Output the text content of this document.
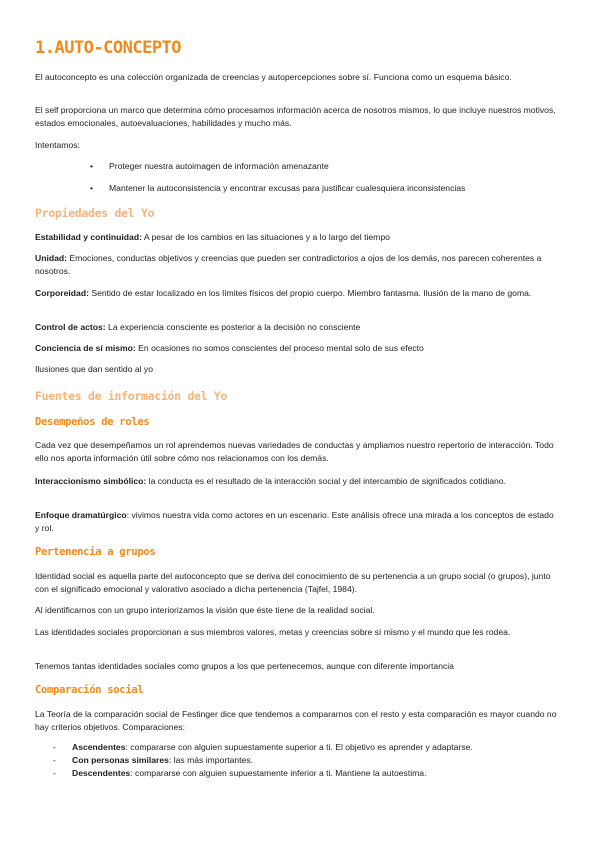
1.AUTO-CONCEPTO

El autoconcepto es una colección organizada de creencias y autopercepciones sobre sí. Funciona como un esquema básico.

El self proporciona un marco que determina cómo procesamos información acerca de nosotros mismos, lo que incluye nuestros motivos, estados emocionales, autoevaluaciones, habilidades y mucho más.

Intentamos:

• Proteger nuestra autoimagen de información amenazante
• Mantener la autoconsistencia y encontrar excusas para justificar cualesquiera inconsistencias
Propiedades del Yo

Estabilidad y continuidad: A pesar de los cambios en las situaciones y a lo largo del tiempo

Unidad: Emociones, conductas objetivos y creencias que pueden ser contradictorios a ojos de los demás, nos parecen coherentes a nosotros.

Corporeidad: Sentido de estar localizado en los límites físicos del propio cuerpo. Miembro fantasma. Ilusión de la mano de goma.

Control de actos: La experiencia consciente es posterior a la decisión no consciente

Conciencia de sí mismo: En ocasiones no somos conscientes del proceso mental solo de sus efecto

Ilusiones que dan sentido al yo

Fuentes de información del Yo
Desempeños de roles

Cada vez que desempeñamos un rol aprendemos nuevas variedades de conductas y ampliamos nuestro repertorio de interacción. Todo ello nos aporta información útil sobre cómo nos relacionamos con los demás.

Interaccionismo simbólico: la conducta es el resultado de la interacción social y del intercambio de significados cotidiano.

Enfoque dramatúrgico: vivimos nuestra vida como actores en un escenario. Este análisis ofrece una mirada a los conceptos de estado y rol.

Pertenencia a grupos

Identidad social es aquella parte del autoconcepto que se deriva del conocimiento de su pertenencia a un grupo social (o grupos), junto con el significado emocional y valorativo asociado a dicha pertenencia (Tajfel, 1984).

Al identificarnos con un grupo interiorizamos la visión que éste tiene de la realidad social.

Las identidades sociales proporcionan a sus miembros valores, metas y creencias sobre sí mismo y el mundo que les rodea.

Tenemos tantas identidades sociales como grupos a los que pertenecemos, aunque con diferente importancia

Comparación social

La Teoría de la comparación social de Festinger dice que tendemos a compararnos con el resto y esta comparación es mayor cuando no hay criterios objetivos. Comparaciones:

- Ascendentes: compararse con alguien supuestamente superior a ti. El objetivo es aprender y adaptarse.
- Con personas similares: las más importantes.
- Descendentes: compararse con alguien supuestamente inferior a ti. Mantiene la autoestima.
